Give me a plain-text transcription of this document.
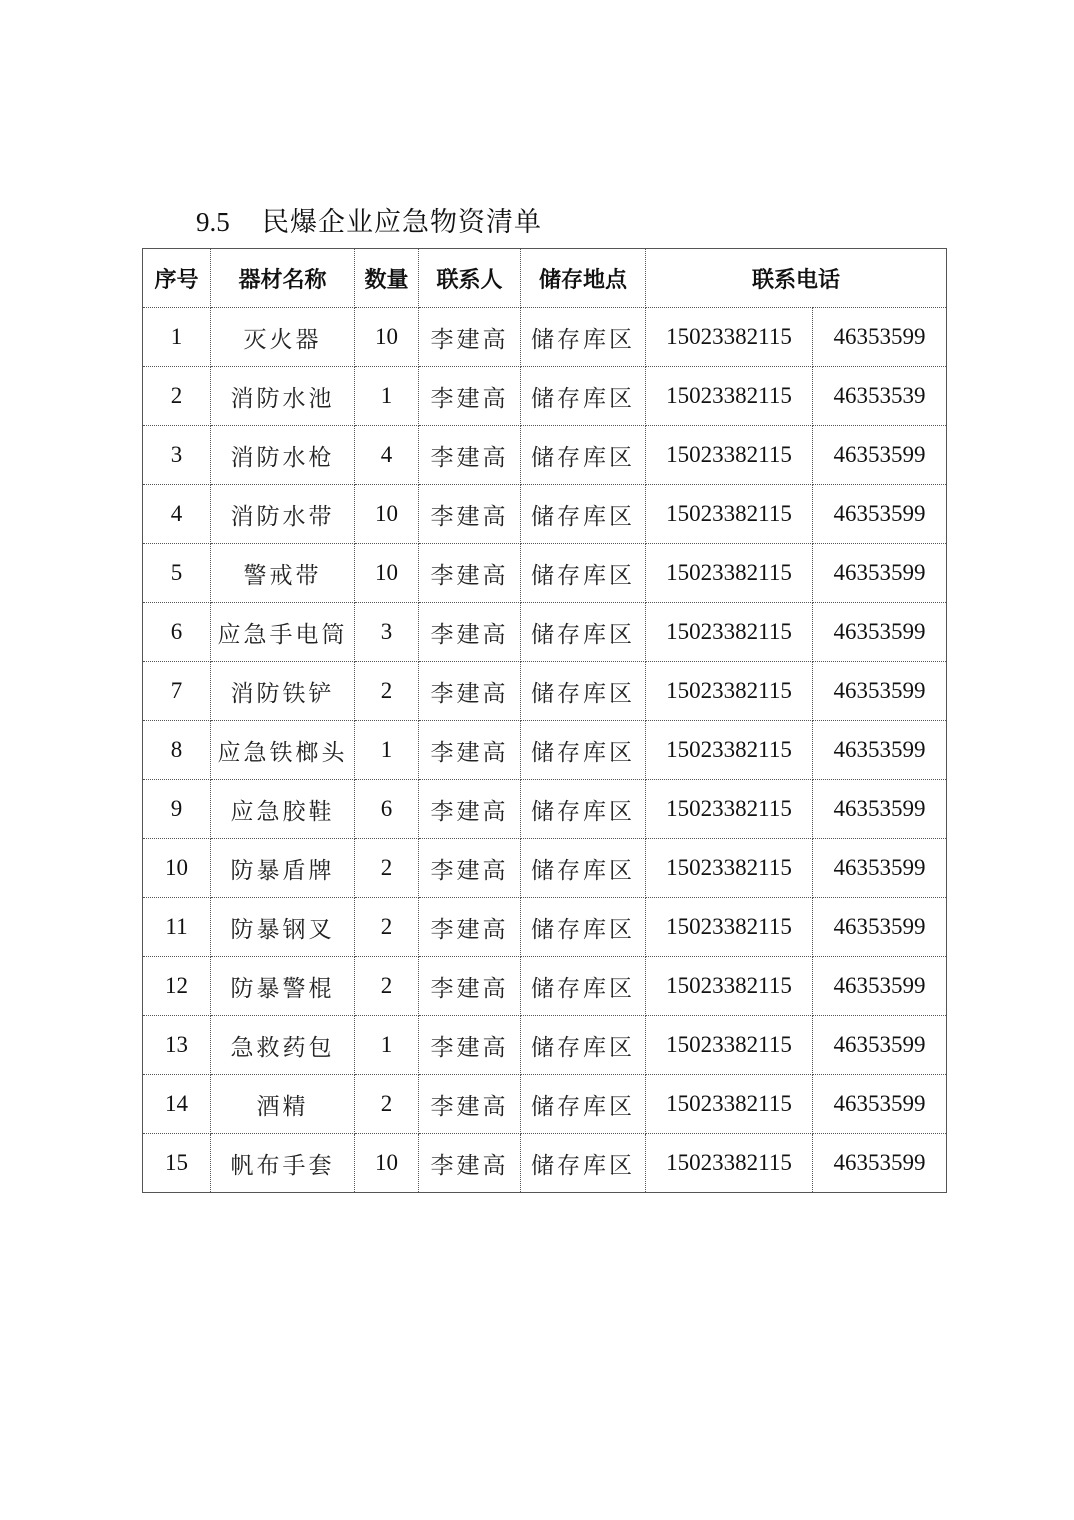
9.5 民爆企业应急物资清单
序号	器材名称	数量	联系人	储存地点	联系电话	
1	灭火器	10	李建高	储存库区	15023382115	46353599
2	消防水池	1	李建高	储存库区	15023382115	46353539
3	消防水枪	4	李建高	储存库区	15023382115	46353599
4	消防水带	10	李建高	储存库区	15023382115	46353599
5	警戒带	10	李建高	储存库区	15023382115	46353599
6	应急手电筒	3	李建高	储存库区	15023382115	46353599
7	消防铁铲	2	李建高	储存库区	15023382115	46353599
8	应急铁榔头	1	李建高	储存库区	15023382115	46353599
9	应急胶鞋	6	李建高	储存库区	15023382115	46353599
10	防暴盾牌	2	李建高	储存库区	15023382115	46353599
11	防暴钢叉	2	李建高	储存库区	15023382115	46353599
12	防暴警棍	2	李建高	储存库区	15023382115	46353599
13	急救药包	1	李建高	储存库区	15023382115	46353599
14	酒精	2	李建高	储存库区	15023382115	46353599
15	帆布手套	10	李建高	储存库区	15023382115	46353599
